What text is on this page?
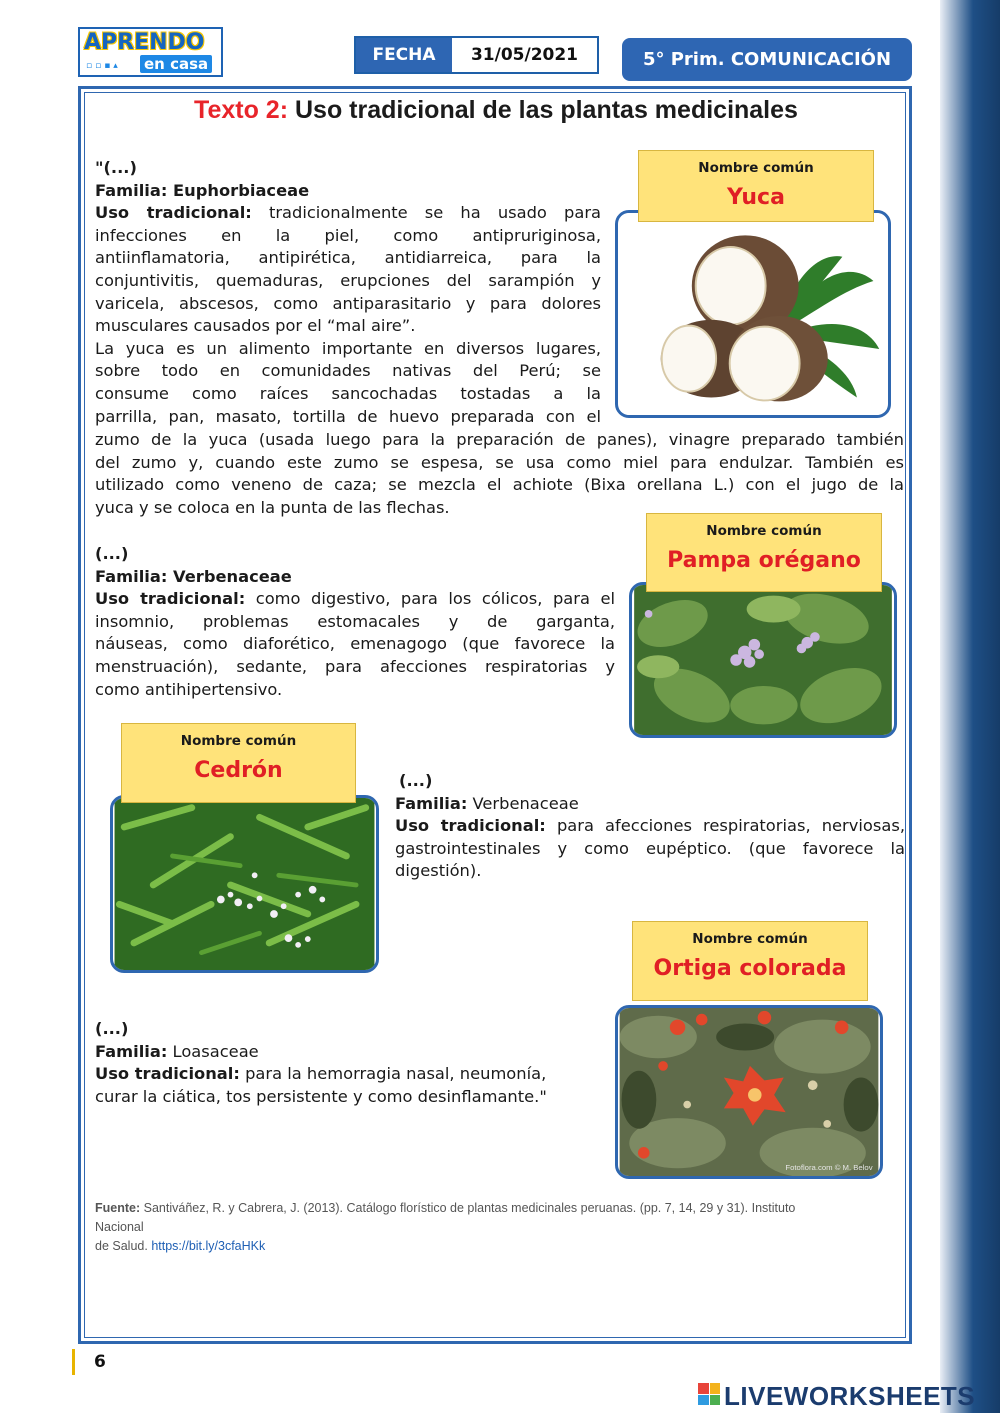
APRENDO
▫▫▪▴ en casa	FECHA	31/05/2021	5° Prim. COMUNICACIÓN
Texto 2: Uso tradicional de las plantas medicinales
"(...)
Familia: Euphorbiaceae
Uso tradicional: tradicionalmente se ha usado para
infecciones en la piel, como antipruriginosa,
antiinflamatoria, antipirética, antidiarreica, para la
conjuntivitis, quemaduras, erupciones del sarampión y
varicela, abscesos, como antiparasitario y para dolores
musculares causados por el “mal aire”.
La yuca es un alimento importante en diversos lugares,
sobre todo en comunidades nativas del Perú; se
consume como raíces sancochadas tostadas a la
parrilla, pan, masato, tortilla de huevo preparada con el
zumo de la yuca (usada luego para la preparación de panes), vinagre preparado también
del zumo y, cuando este zumo se espesa, se usa como miel para endulzar. También es
utilizado como veneno de caza; se mezcla el achiote (Bixa orellana L.) con el jugo de la
yuca y se coloca en la punta de las flechas.
Nombre común
Yuca
(...)
Familia: Verbenaceae
Uso tradicional: como digestivo, para los cólicos, para el
insomnio, problemas estomacales y de garganta,
náuseas, como diaforético, emenagogo (que favorece la
menstruación), sedante, para afecciones respiratorias y
como antihipertensivo.
Nombre común
Pampa orégano
Nombre común
Cedrón	(...)
Familia: Verbenaceae
Uso tradicional: para afecciones respiratorias, nerviosas,
gastrointestinales y como eupéptico. (que favorece la
digestión).
Nombre común
Ortiga colorada
Fotoflora.com © M. Belov
(...)
Familia: Loasaceae
Uso tradicional: para la hemorragia nasal, neumonía,
curar la ciática, tos persistente y como desinflamante."
Fuente: Santiváñez, R. y Cabrera, J. (2013). Catálogo florístico de plantas medicinales peruanas. (pp. 7, 14, 29 y 31). Instituto
Nacional
de Salud. https://bit.ly/3cfaHKk
6
LIVEWORKSHEETS
